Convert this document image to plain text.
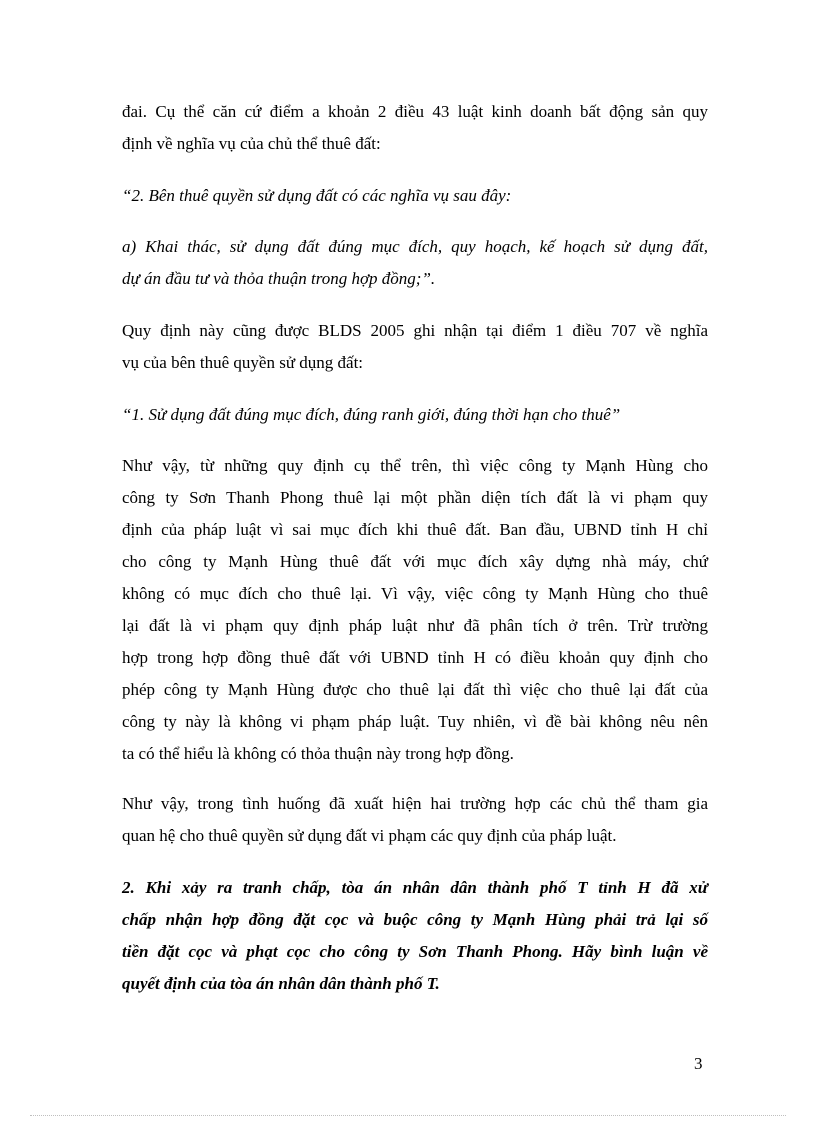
đai. Cụ thể căn cứ điểm a khoản 2 điều 43 luật kinh doanh bất động sản quy
định về nghĩa vụ của chủ thể thuê đất:
“2. Bên thuê quyền sử dụng đất có các nghĩa vụ sau đây:
a) Khai thác, sử dụng đất đúng mục đích, quy hoạch, kế hoạch sử dụng đất,
dự án đầu tư và thỏa thuận trong hợp đồng;”.
Quy định này cũng được BLDS 2005 ghi nhận tại điểm 1 điều 707 về nghĩa
vụ của bên thuê quyền sử dụng đất:
“1. Sử dụng đất đúng mục đích, đúng ranh giới, đúng thời hạn cho thuê”
Như vậy, từ những quy định cụ thể trên, thì việc công ty Mạnh Hùng cho
công ty Sơn Thanh Phong thuê lại một phần diện tích đất là vi phạm quy
định của pháp luật vì sai mục đích khi thuê đất. Ban đầu, UBND tỉnh H chỉ
cho công ty Mạnh Hùng thuê đất với mục đích xây dựng nhà máy, chứ
không có mục đích cho thuê lại. Vì vậy, việc công ty Mạnh Hùng cho thuê
lại đất là vi phạm quy định pháp luật như đã phân tích ở trên. Trừ trường
hợp trong hợp đồng thuê đất với UBND tỉnh H có điều khoản quy định cho
phép công ty Mạnh Hùng được cho thuê lại đất thì việc cho thuê lại đất của
công ty này là không vi phạm pháp luật. Tuy nhiên, vì đề bài không nêu nên
ta có thể hiểu là không có thỏa thuận này trong hợp đồng.
Như vậy, trong tình huống đã xuất hiện hai trường hợp các chủ thể tham gia
quan hệ cho thuê quyền sử dụng đất vi phạm các quy định của pháp luật.
2. Khi xảy ra tranh chấp, tòa án nhân dân thành phố T tỉnh H đã xử
chấp nhận hợp đồng đặt cọc và buộc công ty Mạnh Hùng phải trả lại số
tiền đặt cọc và phạt cọc cho công ty Sơn Thanh Phong. Hãy bình luận về
quyết định của tòa án nhân dân thành phố T.
3
